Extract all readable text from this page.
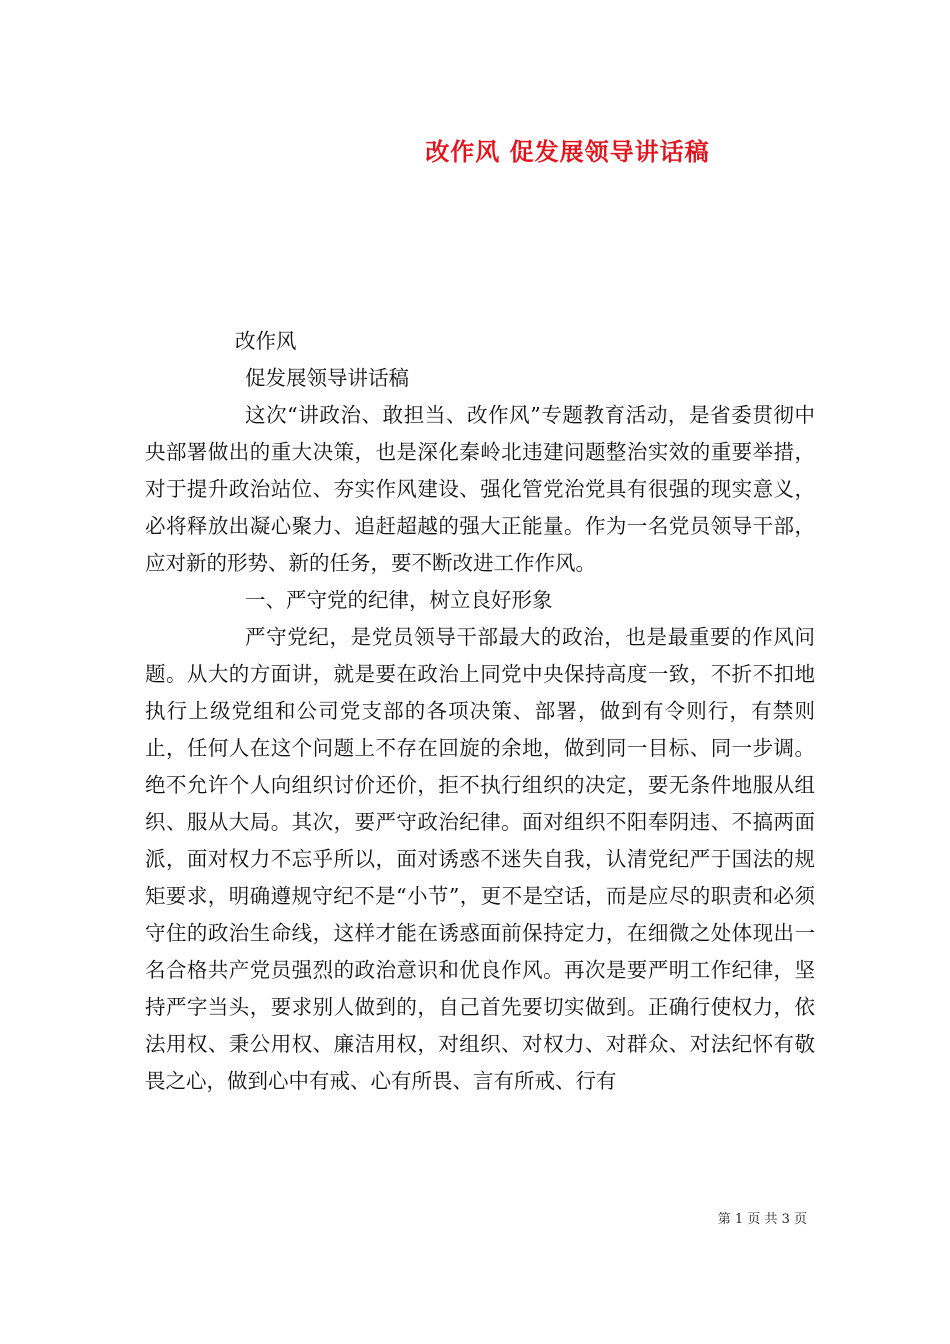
改作风 促发展领导讲话稿

改作风

促发展领导讲话稿

这次“讲政治、敢担当、改作风”专题教育活动，是省委贯彻中央部署做出的重大决策，也是深化秦岭北违建问题整治实效的重要举措，对于提升政治站位、夯实作风建设、强化管党治党具有很强的现实意义，必将释放出凝心聚力、追赶超越的强大正能量。作为一名党员领导干部，应对新的形势、新的任务，要不断改进工作作风。

一、严守党的纪律，树立良好形象

严守党纪，是党员领导干部最大的政治，也是最重要的作风问题。从大的方面讲，就是要在政治上同党中央保持高度一致，不折不扣地执行上级党组和公司党支部的各项决策、部署，做到有令则行，有禁则止，任何人在这个问题上不存在回旋的余地，做到同一目标、同一步调。绝不允许个人向组织讨价还价，拒不执行组织的决定，要无条件地服从组织、服从大局。其次，要严守政治纪律。面对组织不阳奉阴违、不搞两面派，面对权力不忘乎所以，面对诱惑不迷失自我，认清党纪严于国法的规矩要求，明确遵规守纪不是“小节”，更不是空话，而是应尽的职责和必须守住的政治生命线，这样才能在诱惑面前保持定力，在细微之处体现出一名合格共产党员强烈的政治意识和优良作风。再次是要严明工作纪律，坚持严字当头，要求别人做到的，自己首先要切实做到。正确行使权力，依法用权、秉公用权、廉洁用权，对组织、对权力、对群众、对法纪怀有敬畏之心，做到心中有戒、心有所畏、言有所戒、行有

第 1 页 共 3 页
